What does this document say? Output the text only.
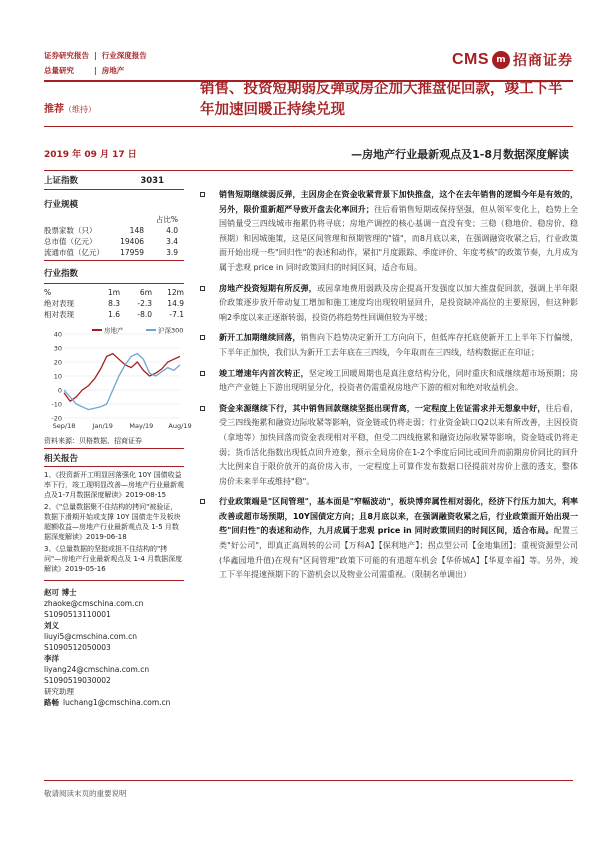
证券研究报告 | 行业深度报告
总量研究	| 房地产
CMS m 招商证券
推荐（维持）
销售、投资短期弱反弹或房企加大推盘促回款，竣工下半年加速回暖正持续兑现
2019 年 09 月 17 日	—房地产行业最新观点及1-8月数据深度解读
上证指数	3031
行业规模
占比%
股票家数（只）	148	4.0
总市值（亿元）	19406	3.4
流通市值（亿元）	17959	3.9
行业指数
%	1m	6m	12m
绝对表现	8.3	-2.3	14.9
相对表现	1.6	-8.0	-7.1
-20
-10
0
10
20
30
40
Sep/18	Jan/19	May/19 Aug/19
房地产	沪深300
资料来源：贝格数据、招商证券
相关报告
1、《投资新开工明显回落强化 10Y 国债收益率下行，竣工现明显改善—房地产行业最新观点及1-7月数据深度解读》2019-08-15
2、《"总量数据聚不住结构的拷问"被验证，数据下滑期开始或支撑 10Y 国债走牛及板块超额收益—房地产行业最新观点及 1-5 月数据深度解读》2019-06-18
3、《总量数据的坚挺或担不住结构的"拷问"—房地产行业最新观点及 1-4 月数据深度解读》2019-05-16
赵可 博士
zhaoke@cmschina.com.cn
S1090513110001
刘义
liuyi5@cmschina.com.cn
S1090512050003
李洋
liyang24@cmschina.com.cn
S1090519030002
研究助理
路畅 luchang1@cmschina.com.cn
销售短期继续弱反弹，主因房企在资金收紧背景下加快推盘，这个在去年销售的逻辑今年是有效的，另外，限价重新超严导致开盘去化率回升；往后看销售短期或保持坚强，但从领军变化上，趋势上全国销量受三四线城市拖累仍将寻底；房地产调控的核心基调一直没有变；三稳（稳地价、稳房价、稳预期）和因城施策，这是区间管理和预期管理的"锚"，而8月底以来，在强调融资收紧之后，行业政策面开始出现一些"回归性"的表述和动作，紧扣"月度跟踪、季度评价、年度考核"的政策节奏，九月成为属于悲观 price in 同时政策回归的时间区间，适合布局。
房地产投资短期有所反弹，或因拿地费用弱跌及房企提高开发强度以加大推盘促回款，强调上半年限价政策逐步放开带动复工增加和施工速度均出现较明显回升，是投资缺冲高位的主要原因，但这种影响2季度以来正逐渐转弱，投资仍将趋势性回调但较为平缓；
新开工加期继续回落，销售向下趋势决定新开工方向向下，但低库存托底使新开工上半年下行偏缓，下半年正加快，我们认为新开工去年底在三四线，今年取而在三四线，结构数据正在印证；
竣工增速年内首次转正，坚定竣工回暖周期也是真注意结构分化，同时重庆和成继续超市场预期；房地产产业链上下游出现明显分化，投资者仍需重视房地产下游的相对和绝对收益机会。
资金来源继续下行，其中销售回款继续坚挺出现背离，一定程度上佐证需求并无想象中好，往后看，受三四线拖累和融资边际收紧等影响，资金链或仍将走弱；行业资金缺口Q2以来有所改善，主因投资（拿地等）加快回落而资金表现相对平稳，但受二四线拖累和融资边际收紧等影响，资金链或仍将走弱；货币活化指数出现低点回升迹象，预示全局房价在1-2个季度后同比或回升而前期房价同比的回升大比例来自于限价放开的高价房入市，一定程度上可算作发布数据口径提前对房价上涨的透支，整体房价未来半年或维持"稳"。
行业政策端是"区间管理"，基本面是"窄幅波动"，板块博弈属性相对弱化，经济下行压力加大，利率改善或超市场预期，10Y国债定方向；且8月底以来，在强调融资收紧之后，行业政策面开始出现一些"回归性"的表述和动作，九月成属于悲观 price in 同时政策回归的时间区间，适合布局。配置三类"好公司"，即真正高周转的公司【万科A】【保利地产】；拐点型公司【金地集团】；重视资源型公司(华鑫园地升值)在现有"区间管理"政策下可能的有道超车机会【华侨城A】【华夏幸福】等。另外，竣工下半年提速预期下的下游机会以及物业公司需重视。（限制名单调出）
敬请阅读末页的重要说明
